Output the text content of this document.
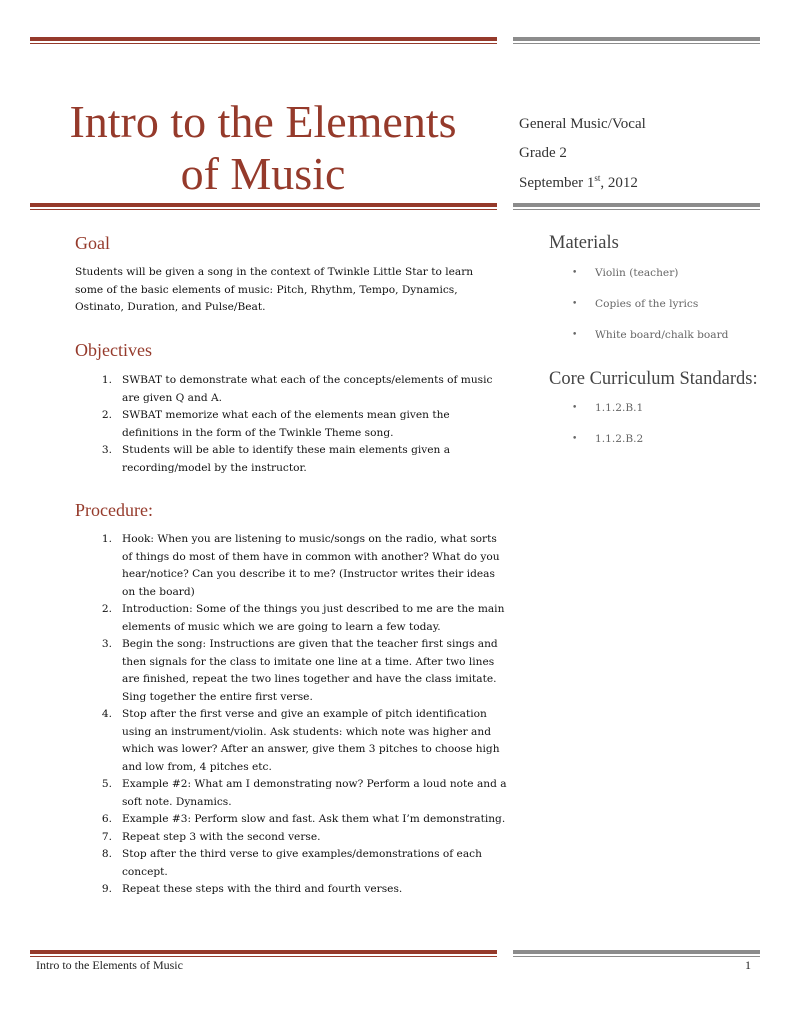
Intro to the Elements
of Music
General Music/Vocal
Grade 2
September 1st, 2012
Goal
Students will be given a song in the context of Twinkle Little Star to learn some of the basic elements of music: Pitch, Rhythm, Tempo, Dynamics, Ostinato, Duration, and Pulse/Beat.
Objectives
1. SWBAT to demonstrate what each of the concepts/elements of music are given Q and A.
2. SWBAT memorize what each of the elements mean given the definitions in the form of the Twinkle Theme song.
3. Students will be able to identify these main elements given a recording/model by the instructor.
Procedure:
1. Hook: When you are listening to music/songs on the radio, what sorts of things do most of them have in common with another? What do you hear/notice? Can you describe it to me? (Instructor writes their ideas on the board)
2. Introduction: Some of the things you just described to me are the main elements of music which we are going to learn a few today.
3. Begin the song: Instructions are given that the teacher first sings and then signals for the class to imitate one line at a time. After two lines are finished, repeat the two lines together and have the class imitate. Sing together the entire first verse.
4. Stop after the first verse and give an example of pitch identification using an instrument/violin. Ask students: which note was higher and which was lower? After an answer, give them 3 pitches to choose high and low from, 4 pitches etc.
5. Example #2: What am I demonstrating now? Perform a loud note and a soft note. Dynamics.
6. Example #3: Perform slow and fast. Ask them what I’m demonstrating.
7. Repeat step 3 with the second verse.
8. Stop after the third verse to give examples/demonstrations of each concept.
9. Repeat these steps with the third and fourth verses.
Materials
• Violin (teacher)
• Copies of the lyrics
• White board/chalk board
Core Curriculum Standards:
• 1.1.2.B.1
• 1.1.2.B.2
Intro to the Elements of Music	1
